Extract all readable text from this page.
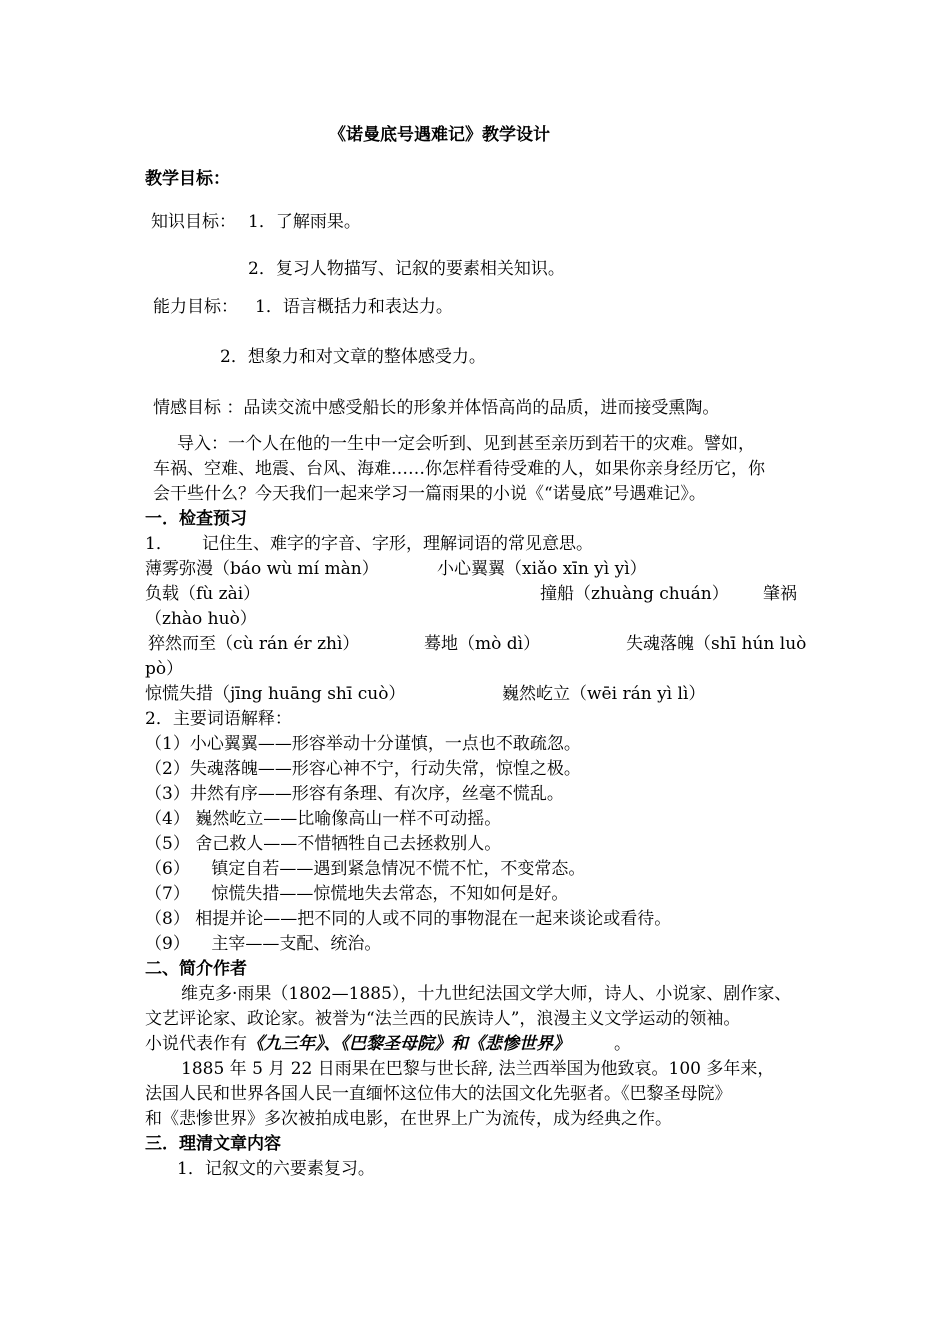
《诺曼底号遇难记》教学设计
教学目标：
知识目标： 1．了解雨果。
2．复习人物描写、记叙的要素相关知识。
能力目标： 1．语言概括力和表达力。
2．想象力和对文章的整体感受力。
情感目标 ：品读交流中感受船长的形象并体悟高尚的品质，进而接受熏陶。
导入：一个人在他的一生中一定会听到、见到甚至亲历到若干的灾难。譬如，
车祸、空难、地震、台风、海难……你怎样看待受难的人，如果你亲身经历它，你
会干些什么？今天我们一起来学习一篇雨果的小说《“诺曼底”号遇难记》。
一．检查预习
1． 记住生、难字的字音、字形，理解词语的常见意思。
薄雾弥漫（báo wù mí màn）	小心翼翼（xiǎo xīn yì yì）
负载（fù zài）	撞船（zhuàng chuán） 肇祸
（zhào huò）
猝然而至（cù rán ér zhì）	蓦地（mò dì）	失魂落魄（shī hún luò
pò）
惊慌失措（jīng huāng shī cuò）	巍然屹立（wēi rán yì lì）
2．主要词语解释：
（1）小心翼翼——形容举动十分谨慎，一点也不敢疏忽。
（2）失魂落魄——形容心神不宁，行动失常，惊惶之极。
（3）井然有序——形容有条理、有次序，丝毫不慌乱。
（4） 巍然屹立——比喻像高山一样不可动摇。
（5） 舍己救人——不惜牺牲自己去拯救别人。
（6）    镇定自若——遇到紧急情况不慌不忙，不变常态。
（7）    惊慌失措——惊慌地失去常态，不知如何是好。
（8） 相提并论——把不同的人或不同的事物混在一起来谈论或看待。
（9）    主宰——支配、统治。
二、简介作者
维克多·雨果（1802—1885），十九世纪法国文学大师，诗人、小说家、剧作家、
文艺评论家、政论家。被誉为“法兰西的民族诗人”，浪漫主义文学运动的领袖。
小说代表作有《九三年》、《巴黎圣母院》和《悲惨世界》	。
1885 年 5 月 22 日雨果在巴黎与世长辞, 法兰西举国为他致哀。100 多年来，
法国人民和世界各国人民一直缅怀这位伟大的法国文化先驱者。《巴黎圣母院》
和《悲惨世界》多次被拍成电影，在世界上广为流传，成为经典之作。
三．理清文章内容
1．记叙文的六要素复习。
